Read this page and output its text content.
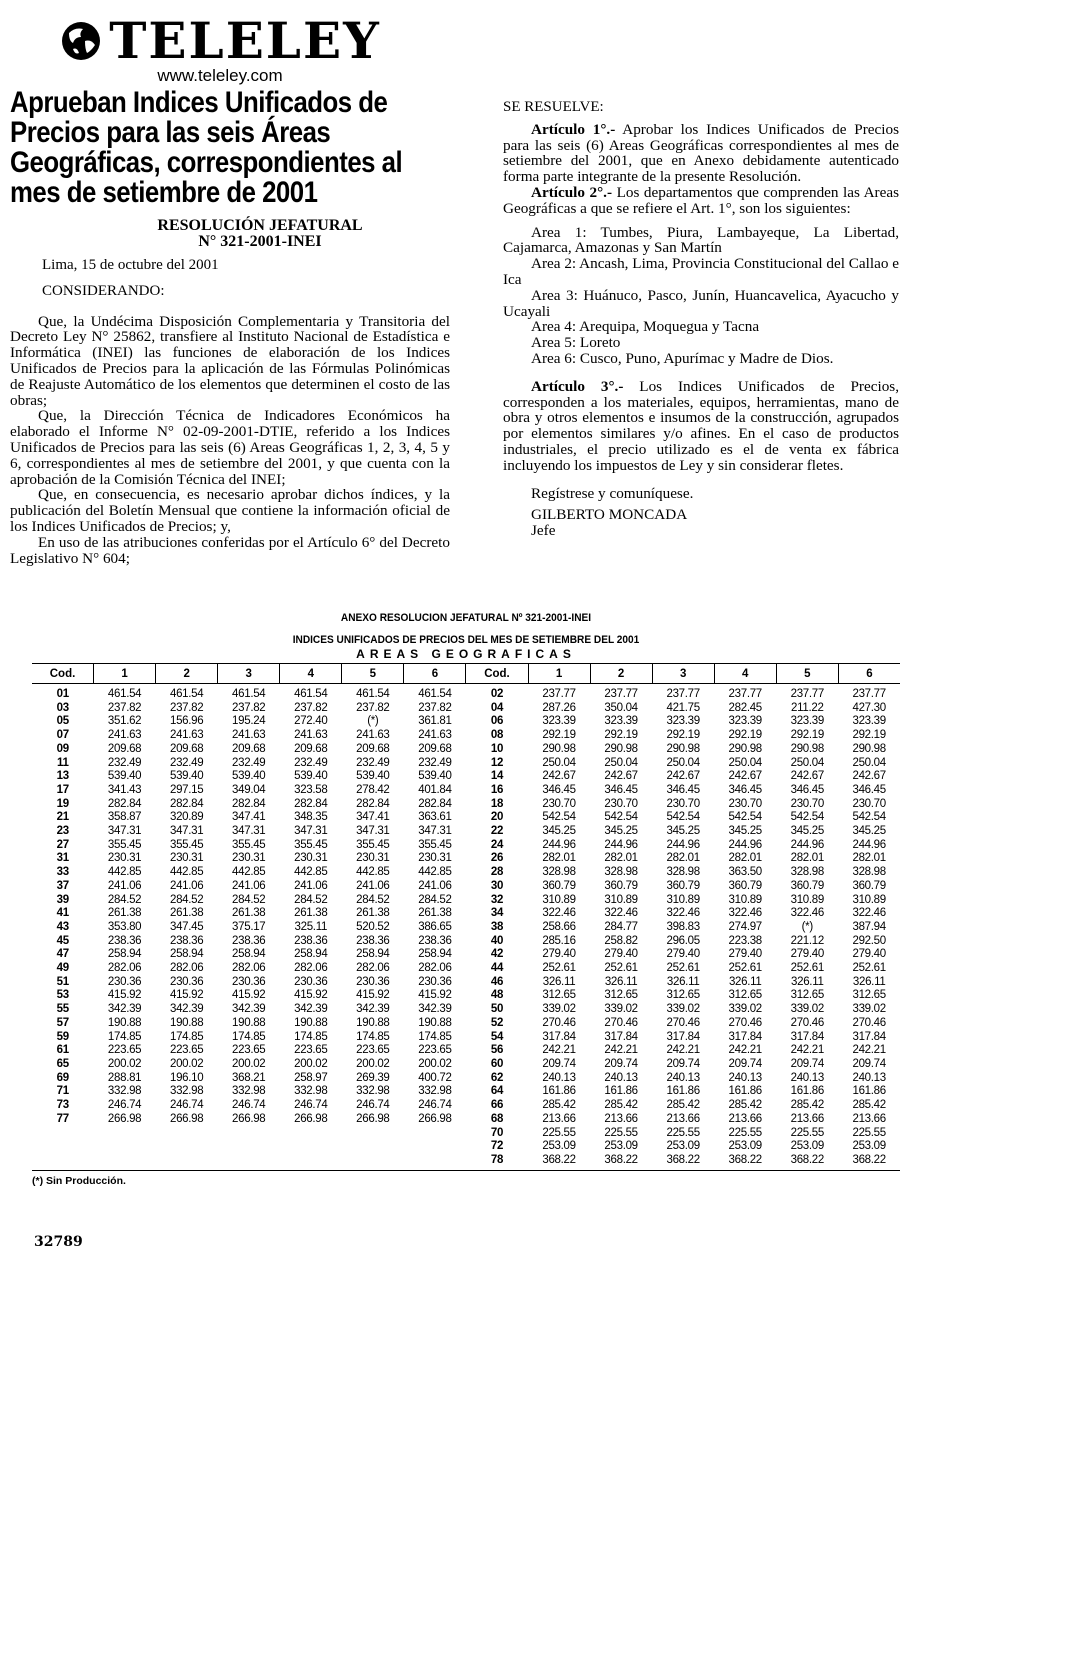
TELELEY
www.teleley.com
Aprueban Indices Unificados de Precios para las seis Áreas Geográficas, correspondientes al mes de setiembre de 2001
RESOLUCIÓN JEFATURAL
N° 321-2001-INEI
Lima, 15 de octubre del 2001
CONSIDERANDO:

Que, la Undécima Disposición Complementaria y Transitoria del Decreto Ley N° 25862, transfiere al Instituto Nacional de Estadística e Informática (INEI) las funciones de elaboración de los Indices Unificados de Precios para la aplicación de las Fórmulas Polinómicas de Reajuste Automático de los elementos que determinen el costo de las obras;

Que, la Dirección Técnica de Indicadores Económicos ha elaborado el Informe N° 02-09-2001-DTIE, referido a los Indices Unificados de Precios para las seis (6) Areas Geográficas 1, 2, 3, 4, 5 y 6, correspondientes al mes de setiembre del 2001, y que cuenta con la aprobación de la Comisión Técnica del INEI;

Que, en consecuencia, es necesario aprobar dichos índices, y la publicación del Boletín Mensual que contiene la información oficial de los Indices Unificados de Precios; y,

En uso de las atribuciones conferidas por el Artículo 6° del Decreto Legislativo N° 604;

SE RESUELVE:

Artículo 1°.- Aprobar los Indices Unificados de Precios para las seis (6) Areas Geográficas correspondientes al mes de setiembre del 2001, que en Anexo debidamente autenticado forma parte integrante de la presente Resolución.

Artículo 2°.- Los departamentos que comprenden las Areas Geográficas a que se refiere el Art. 1°, son los siguientes:

Area 1: Tumbes, Piura, Lambayeque, La Libertad, Cajamarca, Amazonas y San Martín

Area 2: Ancash, Lima, Provincia Constitucional del Callao e Ica

Area 3: Huánuco, Pasco, Junín, Huancavelica, Ayacucho y Ucayali

Area 4: Arequipa, Moquegua y Tacna

Area 5: Loreto

Area 6: Cusco, Puno, Apurímac y Madre de Dios.

Artículo 3°.- Los Indices Unificados de Precios, corresponden a los materiales, equipos, herramientas, mano de obra y otros elementos e insumos de la construcción, agrupados por elementos similares y/o afines. En el caso de productos industriales, el precio utilizado es el de venta ex fábrica incluyendo los impuestos de Ley y sin considerar fletes.

Regístrese y comuníquese.

GILBERTO MONCADA

Jefe

ANEXO RESOLUCION JEFATURAL Nº 321-2001-INEI
INDICES UNIFICADOS DE PRECIOS DEL MES DE SETIEMBRE DEL 2001
AREAS GEOGRAFICAS
Cod.	1	2	3	4	5	6	Cod.	1	2	3	4	5	6
01	461.54	461.54	461.54	461.54	461.54	461.54	02	237.77	237.77	237.77	237.77	237.77	237.77
03	237.82	237.82	237.82	237.82	237.82	237.82	04	287.26	350.04	421.75	282.45	211.22	427.30
05	351.62	156.96	195.24	272.40	(*)	361.81	06	323.39	323.39	323.39	323.39	323.39	323.39
07	241.63	241.63	241.63	241.63	241.63	241.63	08	292.19	292.19	292.19	292.19	292.19	292.19
09	209.68	209.68	209.68	209.68	209.68	209.68	10	290.98	290.98	290.98	290.98	290.98	290.98
11	232.49	232.49	232.49	232.49	232.49	232.49	12	250.04	250.04	250.04	250.04	250.04	250.04
13	539.40	539.40	539.40	539.40	539.40	539.40	14	242.67	242.67	242.67	242.67	242.67	242.67
17	341.43	297.15	349.04	323.58	278.42	401.84	16	346.45	346.45	346.45	346.45	346.45	346.45
19	282.84	282.84	282.84	282.84	282.84	282.84	18	230.70	230.70	230.70	230.70	230.70	230.70
21	358.87	320.89	347.41	348.35	347.41	363.61	20	542.54	542.54	542.54	542.54	542.54	542.54
23	347.31	347.31	347.31	347.31	347.31	347.31	22	345.25	345.25	345.25	345.25	345.25	345.25
27	355.45	355.45	355.45	355.45	355.45	355.45	24	244.96	244.96	244.96	244.96	244.96	244.96
31	230.31	230.31	230.31	230.31	230.31	230.31	26	282.01	282.01	282.01	282.01	282.01	282.01
33	442.85	442.85	442.85	442.85	442.85	442.85	28	328.98	328.98	328.98	363.50	328.98	328.98
37	241.06	241.06	241.06	241.06	241.06	241.06	30	360.79	360.79	360.79	360.79	360.79	360.79
39	284.52	284.52	284.52	284.52	284.52	284.52	32	310.89	310.89	310.89	310.89	310.89	310.89
41	261.38	261.38	261.38	261.38	261.38	261.38	34	322.46	322.46	322.46	322.46	322.46	322.46
43	353.80	347.45	375.17	325.11	520.52	386.65	38	258.66	284.77	398.83	274.97	(*)	387.94
45	238.36	238.36	238.36	238.36	238.36	238.36	40	285.16	258.82	296.05	223.38	221.12	292.50
47	258.94	258.94	258.94	258.94	258.94	258.94	42	279.40	279.40	279.40	279.40	279.40	279.40
49	282.06	282.06	282.06	282.06	282.06	282.06	44	252.61	252.61	252.61	252.61	252.61	252.61
51	230.36	230.36	230.36	230.36	230.36	230.36	46	326.11	326.11	326.11	326.11	326.11	326.11
53	415.92	415.92	415.92	415.92	415.92	415.92	48	312.65	312.65	312.65	312.65	312.65	312.65
55	342.39	342.39	342.39	342.39	342.39	342.39	50	339.02	339.02	339.02	339.02	339.02	339.02
57	190.88	190.88	190.88	190.88	190.88	190.88	52	270.46	270.46	270.46	270.46	270.46	270.46
59	174.85	174.85	174.85	174.85	174.85	174.85	54	317.84	317.84	317.84	317.84	317.84	317.84
61	223.65	223.65	223.65	223.65	223.65	223.65	56	242.21	242.21	242.21	242.21	242.21	242.21
65	200.02	200.02	200.02	200.02	200.02	200.02	60	209.74	209.74	209.74	209.74	209.74	209.74
69	288.81	196.10	368.21	258.97	269.39	400.72	62	240.13	240.13	240.13	240.13	240.13	240.13
71	332.98	332.98	332.98	332.98	332.98	332.98	64	161.86	161.86	161.86	161.86	161.86	161.86
73	246.74	246.74	246.74	246.74	246.74	246.74	66	285.42	285.42	285.42	285.42	285.42	285.42
77	266.98	266.98	266.98	266.98	266.98	266.98	68	213.66	213.66	213.66	213.66	213.66	213.66
							70	225.55	225.55	225.55	225.55	225.55	225.55
							72	253.09	253.09	253.09	253.09	253.09	253.09
							78	368.22	368.22	368.22	368.22	368.22	368.22
(*) Sin Producción.
32789
